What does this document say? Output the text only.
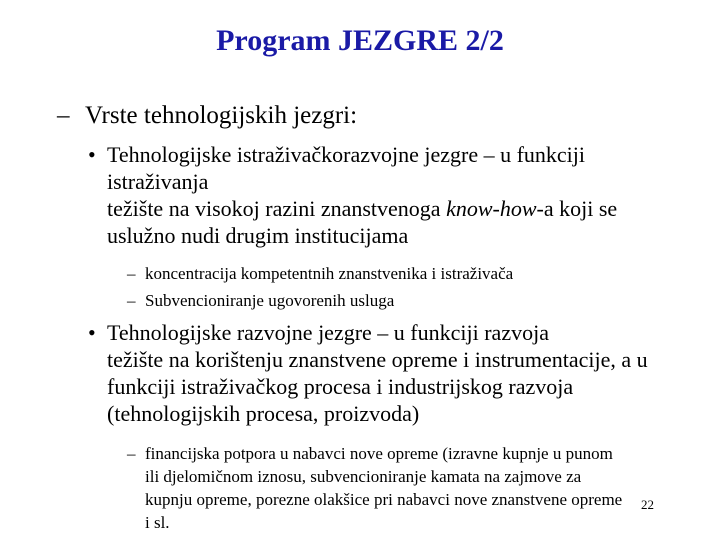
Program JEZGRE 2/2
– Vrste tehnologijskih jezgri:
• Tehnologijske istraživačkorazvojne jezgre – u funkciji
istraživanja
težište na visokoj razini znanstvenoga know-how-a koji se
uslužno nudi drugim institucijama
– koncentracija kompetentnih znanstvenika i istraživača
– Subvencioniranje ugovorenih usluga
• Tehnologijske razvojne jezgre – u funkciji razvoja
težište na korištenju znanstvene opreme i instrumentacije, a u
funkciji istraživačkog procesa i industrijskog razvoja
(tehnologijskih procesa, proizvoda)
– financijska potpora u nabavci nove opreme (izravne kupnje u punom
ili djelomičnom iznosu, subvencioniranje kamata na zajmove za
kupnju opreme, porezne olakšice pri nabavci nove znanstvene opreme
i sl.
22
